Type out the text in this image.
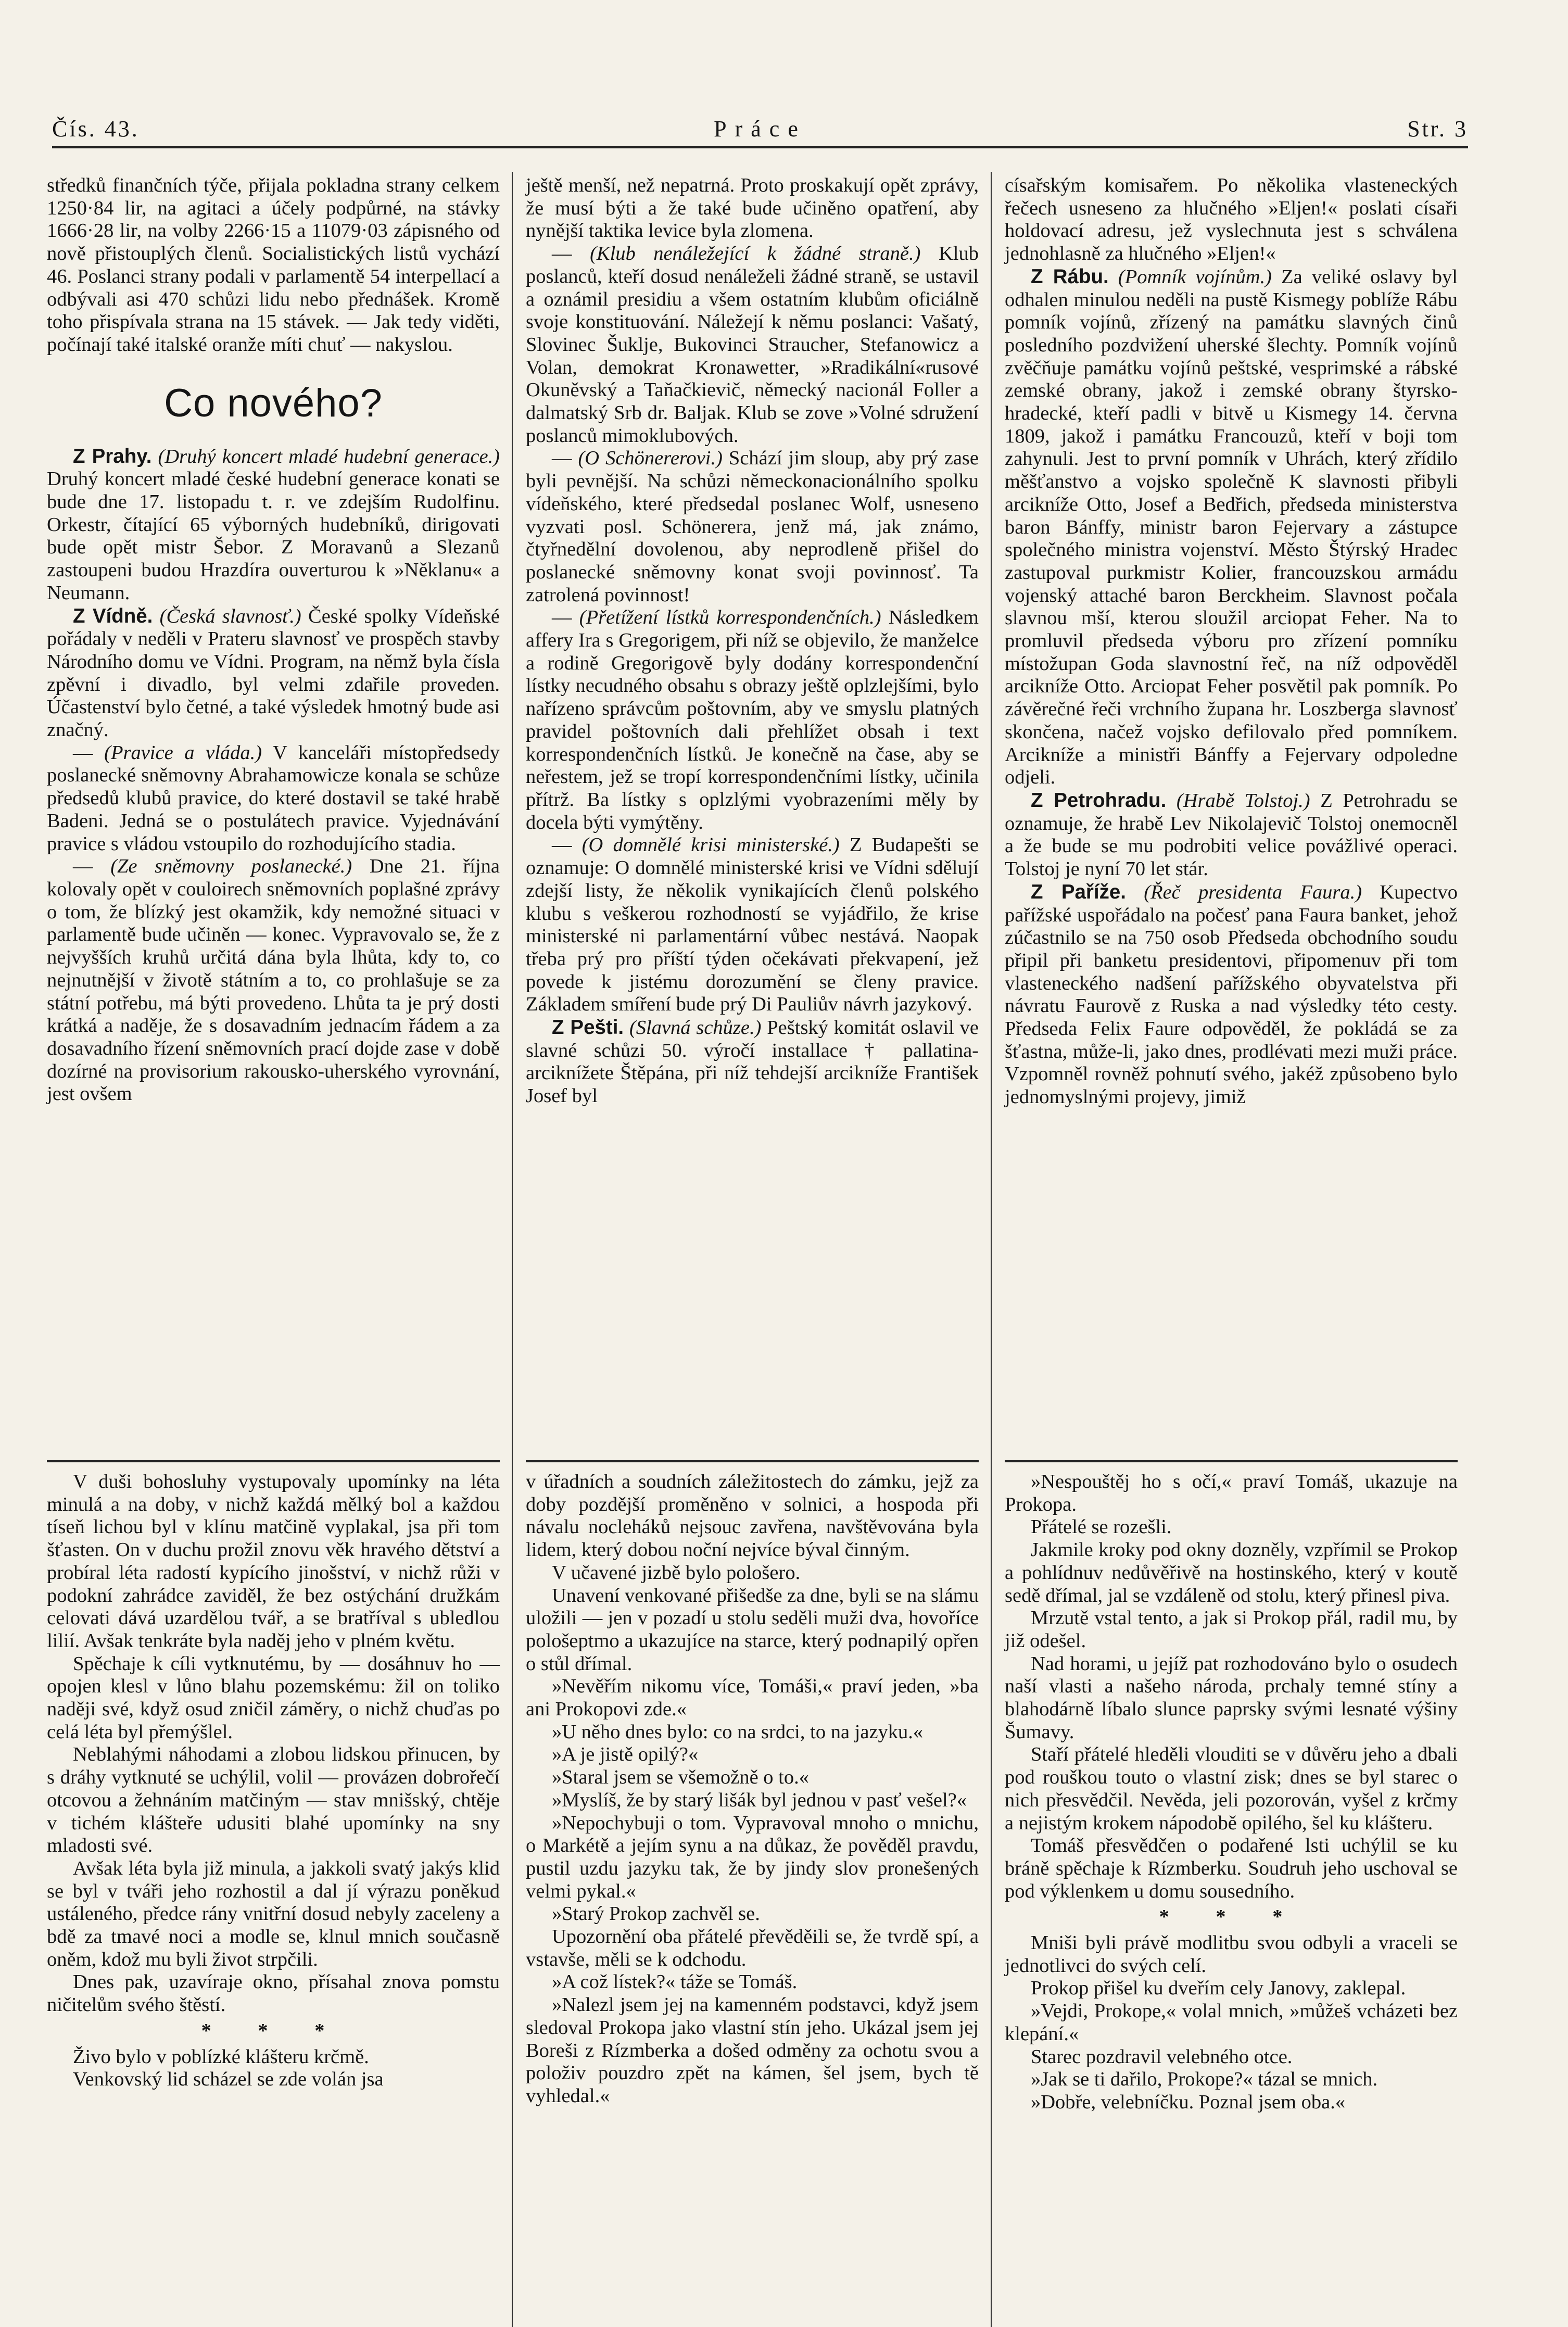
Čís. 43.	Práce	Str. 3

středků finančních týče, přijala pokladna strany celkem 1250·84 lir, na agitaci a účely podpůrné, na stávky 1666·28 lir, na volby 2266·15 a 11079·03 zápisného od nově přistouplých členů. Socialistických listů vychází 46. Poslanci strany podali v parlamentě 54 interpellací a odbývali asi 470 schůzi lidu nebo přednášek. Kromě toho přispívala strana na 15 stávek. — Jak tedy viděti, počínají také italské oranže míti chuť — nakyslou.

Co nového?

Z Prahy. (Druhý koncert mladé hudební generace.) Druhý koncert mladé české hudební generace konati se bude dne 17. listopadu t. r. ve zdejším Rudolfinu. Orkestr, čítající 65 výborných hudebníků, dirigovati bude opět mistr Šebor. Z Moravanů a Slezanů zastoupeni budou Hrazdíra ouverturou k »Něklanu« a Neumann.

Z Vídně. (Česká slavnosť.) České spolky Vídeňské pořádaly v neděli v Prateru slavnosť ve prospěch stavby Národního domu ve Vídni. Program, na němž byla čísla zpěvní i divadlo, byl velmi zdařile proveden. Účastenství bylo četné, a také výsledek hmotný bude asi značný.

— (Pravice a vláda.) V kanceláři místopředsedy poslanecké sněmovny Abrahamowicze konala se schůze předsedů klubů pravice, do které dostavil se také hrabě Badeni. Jedná se o postulátech pravice. Vyjednávání pravice s vládou vstoupilo do rozhodujícího stadia.

— (Ze sněmovny poslanecké.) Dne 21. října kolovaly opět v couloirech sněmovních poplašné zprávy o tom, že blízký jest okamžik, kdy nemožné situaci v parlamentě bude učiněn — konec. Vypravovalo se, že z nejvyšších kruhů určitá dána byla lhůta, kdy to, co nejnutnější v životě státním a to, co prohlašuje se za státní potřebu, má býti provedeno. Lhůta ta je prý dosti krátká a naděje, že s dosavadním jednacím řádem a za dosavadního řízení sněmovních prací dojde zase v době dozírné na provisorium rakousko-uherského vyrovnání, jest ovšem

ještě menší, než nepatrná. Proto proskakují opět zprávy, že musí býti a že také bude učiněno opatření, aby nynější taktika levice byla zlomena.

— (Klub nenáležející k žádné straně.) Klub poslanců, kteří dosud nenáleželi žádné straně, se ustavil a oznámil presidiu a všem ostatním klubům oficiálně svoje konstituování. Náležejí k němu poslanci: Vašatý, Slovinec Šuklje, Bukovinci Straucher, Stefanowicz a Volan, demokrat Kronawetter, »Rradikální«rusové Okuněvský a Taňačkievič, německý nacionál Foller a dalmatský Srb dr. Baljak. Klub se zove »Volné sdružení poslanců mimoklubových.

— (O Schönererovi.) Schází jim sloup, aby prý zase byli pevnější. Na schůzi německonacionálního spolku vídeňského, které předsedal poslanec Wolf, usneseno vyzvati posl. Schönerera, jenž má, jak známo, čtyřnedělní dovolenou, aby neprodleně přišel do poslanecké sněmovny konat svoji povinnosť. Ta zatrolená povinnost!

— (Přetížení lístků korrespondenčních.) Následkem affery Ira s Gregorigem, při níž se objevilo, že manželce a rodině Gregorigově byly dodány korrespondenční lístky necudného obsahu s obrazy ještě oplzlejšími, bylo nařízeno správcům poštovním, aby ve smyslu platných pravidel poštovních dali přehlížet obsah i text korrespondenčních lístků. Je konečně na čase, aby se neřestem, jež se tropí korrespondenčními lístky, učinila přítrž. Ba lístky s oplzlými vyobrazeními měly by docela býti vymýtěny.

— (O domnělé krisi ministerské.) Z Budapešti se oznamuje: O domnělé ministerské krisi ve Vídni sdělují zdejší listy, že několik vynikajících členů polského klubu s veškerou rozhodností se vyjádřilo, že krise ministerské ni parlamentární vůbec nestává. Naopak třeba prý pro příští týden očekávati překvapení, jež povede k jistému dorozumění se členy pravice. Základem smíření bude prý Di Pauliův návrh jazykový.

Z Pešti. (Slavná schůze.) Peštský komitát oslavil ve slavné schůzi 50. výročí installace † pallatina-arciknížete Štěpána, při níž tehdejší arcikníže František Josef byl

císařským komisařem. Po několika vlasteneckých řečech usneseno za hlučného »Eljen!« poslati císaři holdovací adresu, jež vyslechnuta jest s schválena jednohlasně za hlučného »Eljen!«

Z Rábu. (Pomník vojínům.) Za veliké oslavy byl odhalen minulou neděli na pustě Kismegy poblíže Rábu pomník vojínů, zřízený na památku slavných činů posledního pozdvižení uherské šlechty. Pomník vojínů zvěčňuje památku vojínů peštské, vesprimské a rábské zemské obrany, jakož i zemské obrany štyrsko-hradecké, kteří padli v bitvě u Kismegy 14. června 1809, jakož i památku Francouzů, kteří v boji tom zahynuli. Jest to první pomník v Uhrách, který zřídilo měšťanstvo a vojsko společně K slavnosti přibyli arcikníže Otto, Josef a Bedřich, předseda ministerstva baron Bánffy, ministr baron Fejervary a zástupce společného ministra vojenství. Město Štýrský Hradec zastupoval purkmistr Kolier, francouzskou armádu vojenský attaché baron Berckheim. Slavnost počala slavnou mší, kterou sloužil arciopat Feher. Na to promluvil předseda výboru pro zřízení pomníku místožupan Goda slavnostní řeč, na níž odpověděl arcikníže Otto. Arciopat Feher posvětil pak pomník. Po závěrečné řeči vrchního župana hr. Loszberga slavnosť skončena, načež vojsko defilovalo před pomníkem. Arcikníže a ministři Bánffy a Fejervary odpoledne odjeli.

Z Petrohradu. (Hrabě Tolstoj.) Z Petrohradu se oznamuje, že hrabě Lev Nikolajevič Tolstoj onemocněl a že bude se mu podrobiti velice povážlivé operaci. Tolstoj je nyní 70 let stár.

Z Paříže. (Řeč presidenta Faura.) Kupectvo pařížské uspořádalo na počesť pana Faura banket, jehož zúčastnilo se na 750 osob Předseda obchodního soudu připil při banketu presidentovi, připomenuv při tom vlasteneckého nadšení pařížského obyvatelstva při návratu Faurově z Ruska a nad výsledky této cesty. Předseda Felix Faure odpověděl, že pokládá se za šťastna, může-li, jako dnes, prodlévati mezi muži práce. Vzpomněl rovněž pohnutí svého, jakéž způsobeno bylo jednomyslnými projevy, jimiž

V duši bohosluhy vystupovaly upomínky na léta minulá a na doby, v nichž každá mělký bol a každou tíseň lichou byl v klínu matčině vyplakal, jsa při tom šťasten. On v duchu prožil znovu věk hravého dětství a probíral léta radostí kypícího jinošství, v nichž růži v podokní zahrádce zaviděl, že bez ostýchání družkám celovati dává uzardělou tvář, a se bratříval s ubledlou lilií. Avšak tenkráte byla naděj jeho v plném květu.

Spěchaje k cíli vytknutému, by — dosáhnuv ho — opojen klesl v lůno blahu pozemskému: žil on toliko naději své, když osud zničil záměry, o nichž chuďas po celá léta byl přemýšlel.

Neblahými náhodami a zlobou lidskou přinucen, by s dráhy vytknuté se uchýlil, volil — provázen dobrořečí otcovou a žehnáním matčiným — stav mnišský, chtěje v tichém klášteře udusiti blahé upomínky na sny mladosti své.

Avšak léta byla již minula, a jakkoli svatý jakýs klid se byl v tváři jeho rozhostil a dal jí výrazu poněkud ustáleného, předce rány vnitřní dosud nebyly zaceleny a bdě za tmavé noci a modle se, klnul mnich současně oněm, kdož mu byli život strpčili.

Dnes pak, uzavíraje okno, přísahal znova pomstu ničitelům svého štěstí.

* * *

Živo bylo v poblízké klášteru krčmě.

Venkovský lid scházel se zde volán jsa

v úřadních a soudních záležitostech do zámku, jejž za doby pozdější proměněno v solnici, a hospoda při návalu nocleháků nejsouc zavřena, navštěvována byla lidem, který dobou noční nejvíce býval činným.

V učavené jizbě bylo pološero.

Unavení venkované přišedše za dne, byli se na slámu uložili — jen v pozadí u stolu seděli muži dva, hovoříce pološeptmo a ukazujíce na starce, který podnapilý opřen o stůl dřímal.

»Nevěřím nikomu více, Tomáši,« praví jeden, »ba ani Prokopovi zde.«

»U něho dnes bylo: co na srdci, to na jazyku.«

»A je jistě opilý?«

»Staral jsem se všemožně o to.«

»Myslíš, že by starý lišák byl jednou v pasť vešel?«

»Nepochybuji o tom. Vypravoval mnoho o mnichu, o Markétě a jejím synu a na důkaz, že pověděl pravdu, pustil uzdu jazyku tak, že by jindy slov pronešených velmi pykal.«

»Starý Prokop zachvěl se.

Upozornění oba přátelé převěděili se, že tvrdě spí, a vstavše, měli se k odchodu.

»A což lístek?« táže se Tomáš.

»Nalezl jsem jej na kamenném podstavci, když jsem sledoval Prokopa jako vlastní stín jeho. Ukázal jsem jej Boreši z Rízmberka a došed odměny za ochotu svou a položiv pouzdro zpět na kámen, šel jsem, bych tě vyhledal.«

»Nespouštěj ho s očí,« praví Tomáš, ukazuje na Prokopa.

Přátelé se rozešli.

Jakmile kroky pod okny dozněly, vzpřímil se Prokop a pohlídnuv nedůvěřivě na hostinského, který v koutě sedě dřímal, jal se vzdáleně od stolu, který přinesl piva.

Mrzutě vstal tento, a jak si Prokop přál, radil mu, by již odešel.

Nad horami, u jejíž pat rozhodováno bylo o osudech naší vlasti a našeho národa, prchaly temné stíny a blahodárně líbalo slunce paprsky svými lesnaté výšiny Šumavy.

Staří přátelé hleděli vlouditi se v důvěru jeho a dbali pod rouškou touto o vlastní zisk; dnes se byl starec o nich přesvědčil. Nevěda, jeli pozorován, vyšel z krčmy a nejistým krokem nápodobě opilého, šel ku klášteru.

Tomáš přesvědčen o podařené lsti uchýlil se ku bráně spěchaje k Rízmberku. Soudruh jeho uschoval se pod výklenkem u domu sousedního.

* * *

Mniši byli právě modlitbu svou odbyli a vraceli se jednotlivci do svých celí.

Prokop přišel ku dveřím cely Janovy, zaklepal.

»Vejdi, Prokope,« volal mnich, »můžeš vcházeti bez klepání.«

Starec pozdravil velebného otce.

»Jak se ti dařilo, Prokope?« tázal se mnich.

»Dobře, velebníčku. Poznal jsem oba.«
